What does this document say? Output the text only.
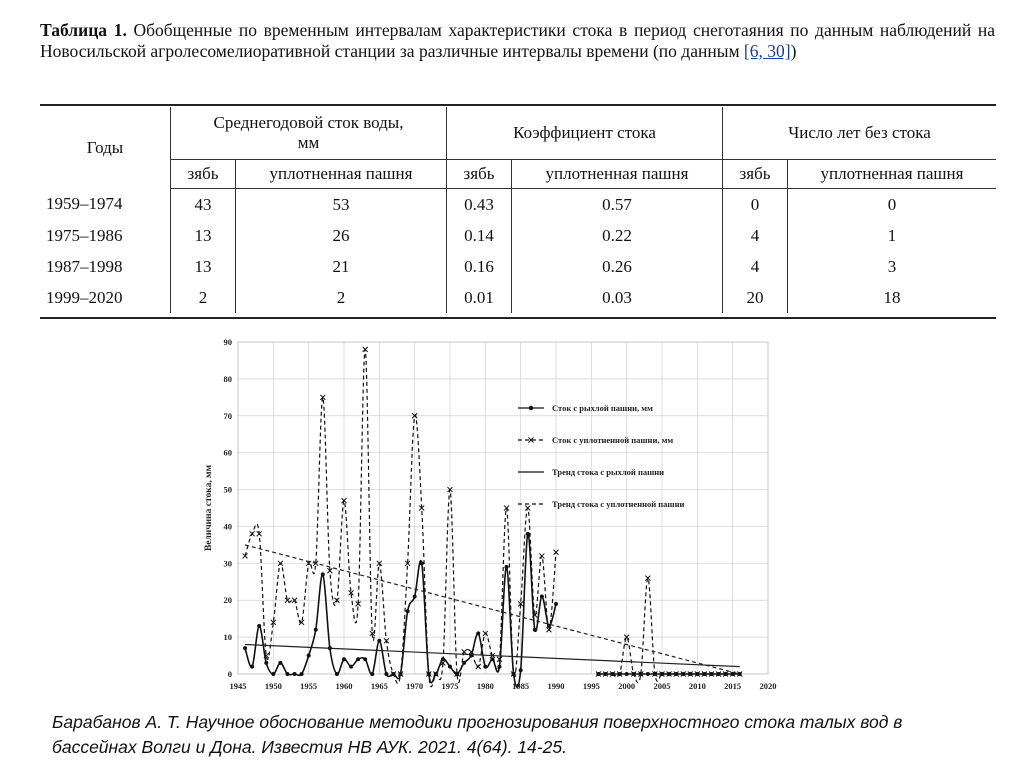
Таблица 1. Обобщенные по временным интервалам характеристики стока в период снеготаяния по данным наблюдений на Новосильской агролесомелиоративной станции за различные интервалы времени (по данным [6, 30])
Годы	Среднегодовой сток воды, мм		Коэффициент стока		Число лет без стока	
	зябь	уплотненная пашня	зябь	уплотненная пашня	зябь	уплотненная пашня
1959–1974	43	53	0.43	0.57	0	0
1975–1986	13	26	0.14	0.22	4	1
1987–1998	13	21	0.16	0.26	4	3
1999–2020	2	2	0.01	0.03	20	18
0
10
20
30
40
50
60
70
80
90
1945 1950 1955 1960 1965 1970 1975 1980 1985 1990 1995 2000 2005 2010 2015 2020
Величина стока, мм
Сток с рыхлой пашни, мм
Сток с уплотненной пашни, мм
Тренд стока с рыхлой пашни
Тренд стока с уплотненной пашни
Барабанов А. Т. Научное обоснование методики прогнозирования поверхностного стока талых вод в бассейнах Волги и Дона. Известия НВ АУК. 2021. 4(64). 14-25.
